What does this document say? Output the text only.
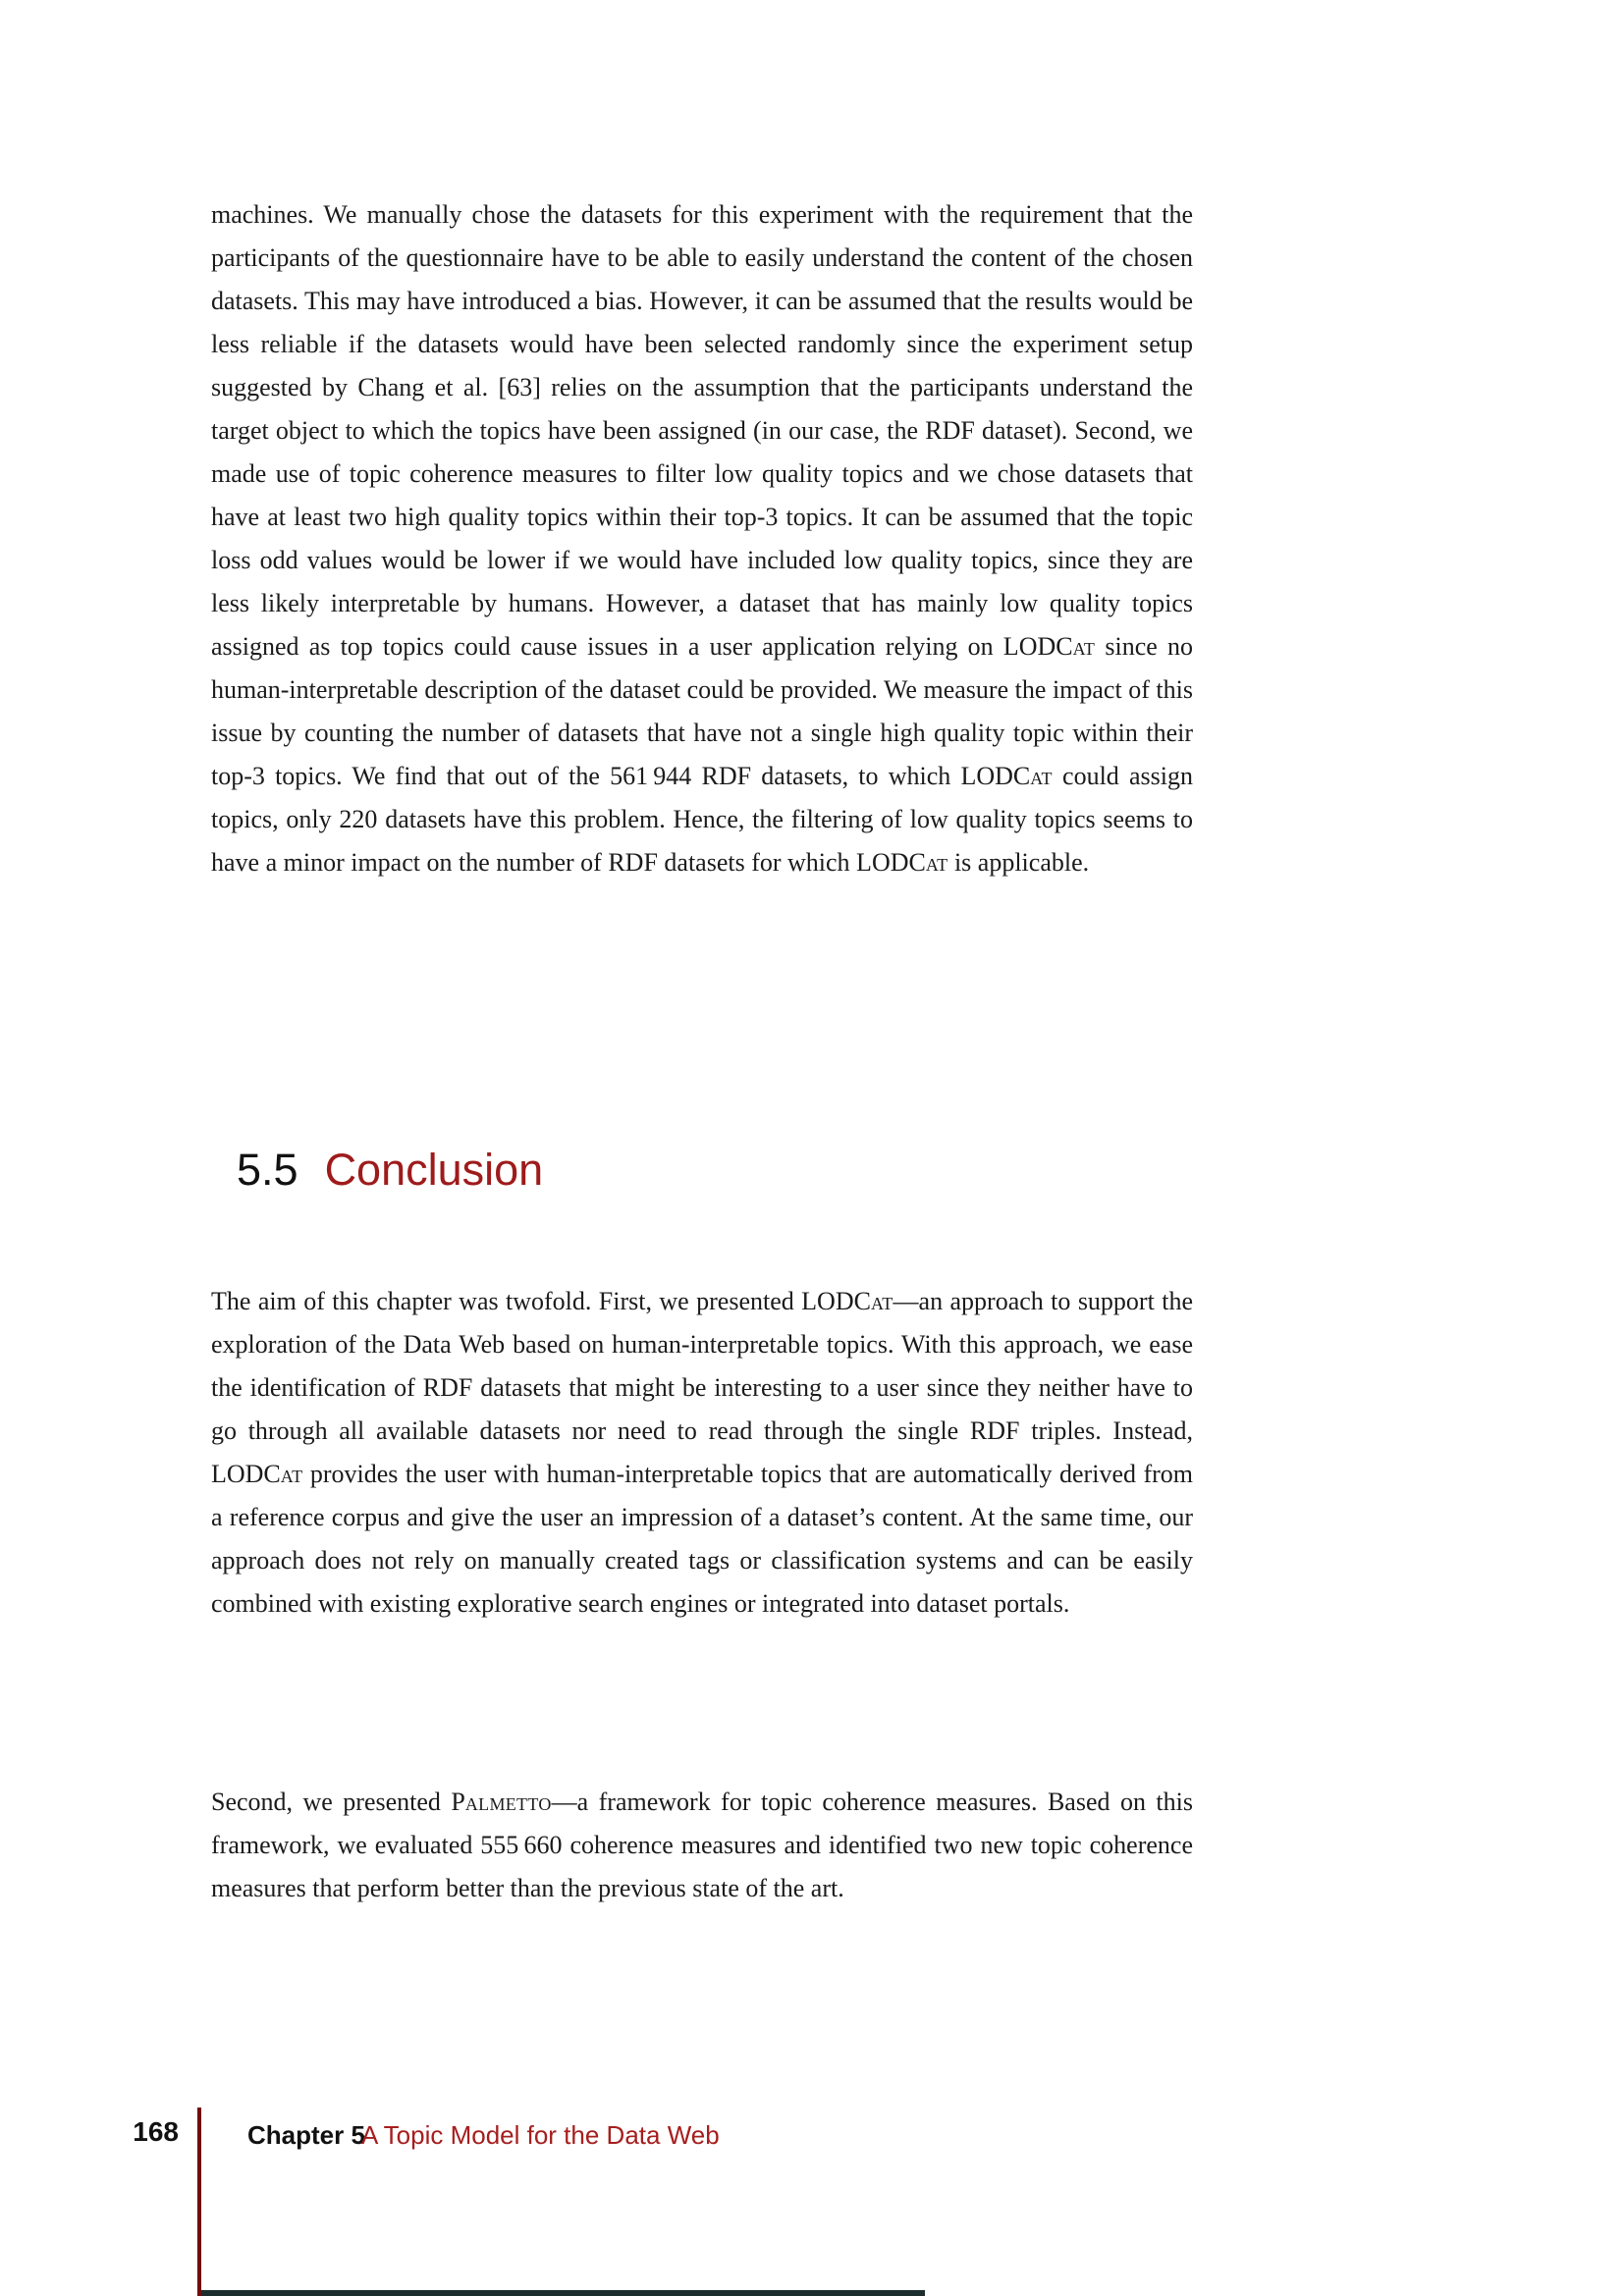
machines. We manually chose the datasets for this experiment with the requirement that the participants of the questionnaire have to be able to easily understand the content of the chosen datasets. This may have introduced a bias. However, it can be assumed that the results would be less reliable if the datasets would have been selected randomly since the experiment setup suggested by Chang et al. [63] relies on the assumption that the participants understand the target object to which the topics have been assigned (in our case, the RDF dataset). Second, we made use of topic coherence measures to filter low quality topics and we chose datasets that have at least two high quality topics within their top-3 topics. It can be assumed that the topic loss odd values would be lower if we would have included low quality topics, since they are less likely interpretable by humans. However, a dataset that has mainly low quality topics assigned as top topics could cause issues in a user application relying on LODCat since no human-interpretable description of the dataset could be provided. We measure the impact of this issue by counting the number of datasets that have not a single high quality topic within their top-3 topics. We find that out of the 561 944 RDF datasets, to which LODCat could assign topics, only 220 datasets have this problem. Hence, the filtering of low quality topics seems to have a minor impact on the number of RDF datasets for which LODCat is applicable.

5.5 Conclusion

The aim of this chapter was twofold. First, we presented LODCat—an approach to support the exploration of the Data Web based on human-interpretable topics. With this approach, we ease the identification of RDF datasets that might be interesting to a user since they neither have to go through all available datasets nor need to read through the single RDF triples. Instead, LODCat provides the user with human-interpretable topics that are automatically derived from a reference corpus and give the user an impression of a dataset’s content. At the same time, our approach does not rely on manually created tags or classification systems and can be easily combined with existing explorative search engines or integrated into dataset portals.

Second, we presented Palmetto—a framework for topic coherence measures. Based on this framework, we evaluated 555 660 coherence measures and identified two new topic coherence measures that perform better than the previous state of the art.

168	Chapter 5
A Topic Model for the Data Web
